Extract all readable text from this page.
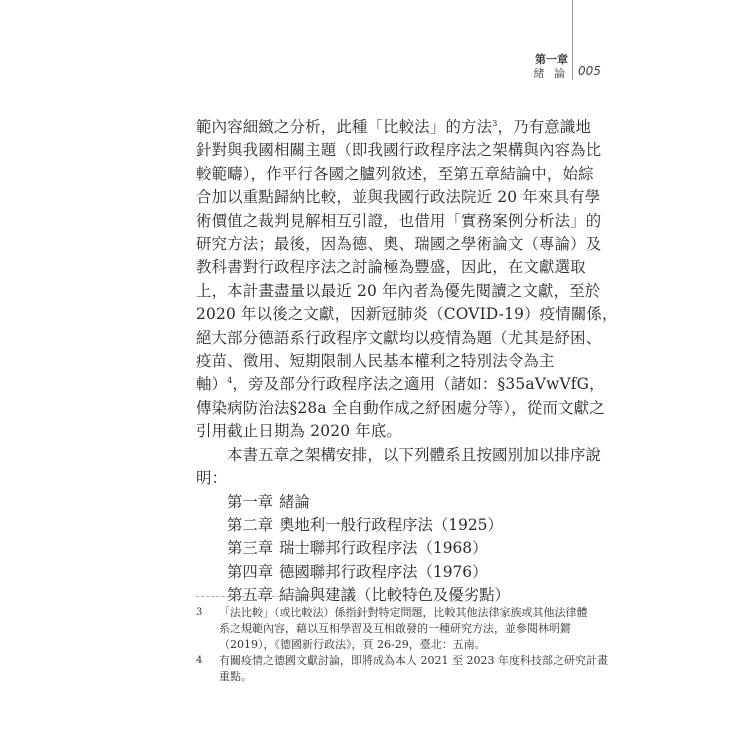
第一章
緒 論 005
範內容細緻之分析，此種「比較法」的方法$^3$，乃有意識地
針對與我國相關主題（即我國行政程序法之架構與內容為比
較範疇），作平行各國之臚列敘述，至第五章結論中，始綜
合加以重點歸納比較，並與我國行政法院近 20 年來具有學
術價值之裁判見解相互引證，也借用「實務案例分析法」的
研究方法；最後，因為德、奧、瑞國之學術論文（專論）及
教科書對行政程序法之討論極為豐盛，因此，在文獻選取
上，本計畫盡量以最近 20 年內者為優先閱讀之文獻，至於
2020 年以後之文獻，因新冠肺炎（COVID-19）疫情關係，
絕大部分德語系行政程序文獻均以疫情為題（尤其是紓困、
疫苗、徵用、短期限制人民基本權利之特別法令為主
軸）$^4$，旁及部分行政程序法之適用（諸如：§35aVwVfG，
傳染病防治法§28a 全自動作成之紓困處分等），從而文獻之
引用截止日期為 2020 年底。
本書五章之架構安排，以下列體系且按國別加以排序說
明：
第一章 緒論
第二章 奧地利一般行政程序法（1925）
第三章 瑞士聯邦行政程序法（1968）
第四章 德國聯邦行政程序法（1976）
第五章 結論與建議（比較特色及優劣點）
3 「法比較」（或比較法）係指針對特定問題，比較其他法律家族或其他法律體
系之規範內容，藉以互相學習及互相啟發的一種研究方法，並參閱林明鏘
（2019），《德國新行政法》，頁 26-29，臺北：五南。
4 有關疫情之德國文獻討論，即將成為本人 2021 至 2023 年度科技部之研究計畫
重點。
